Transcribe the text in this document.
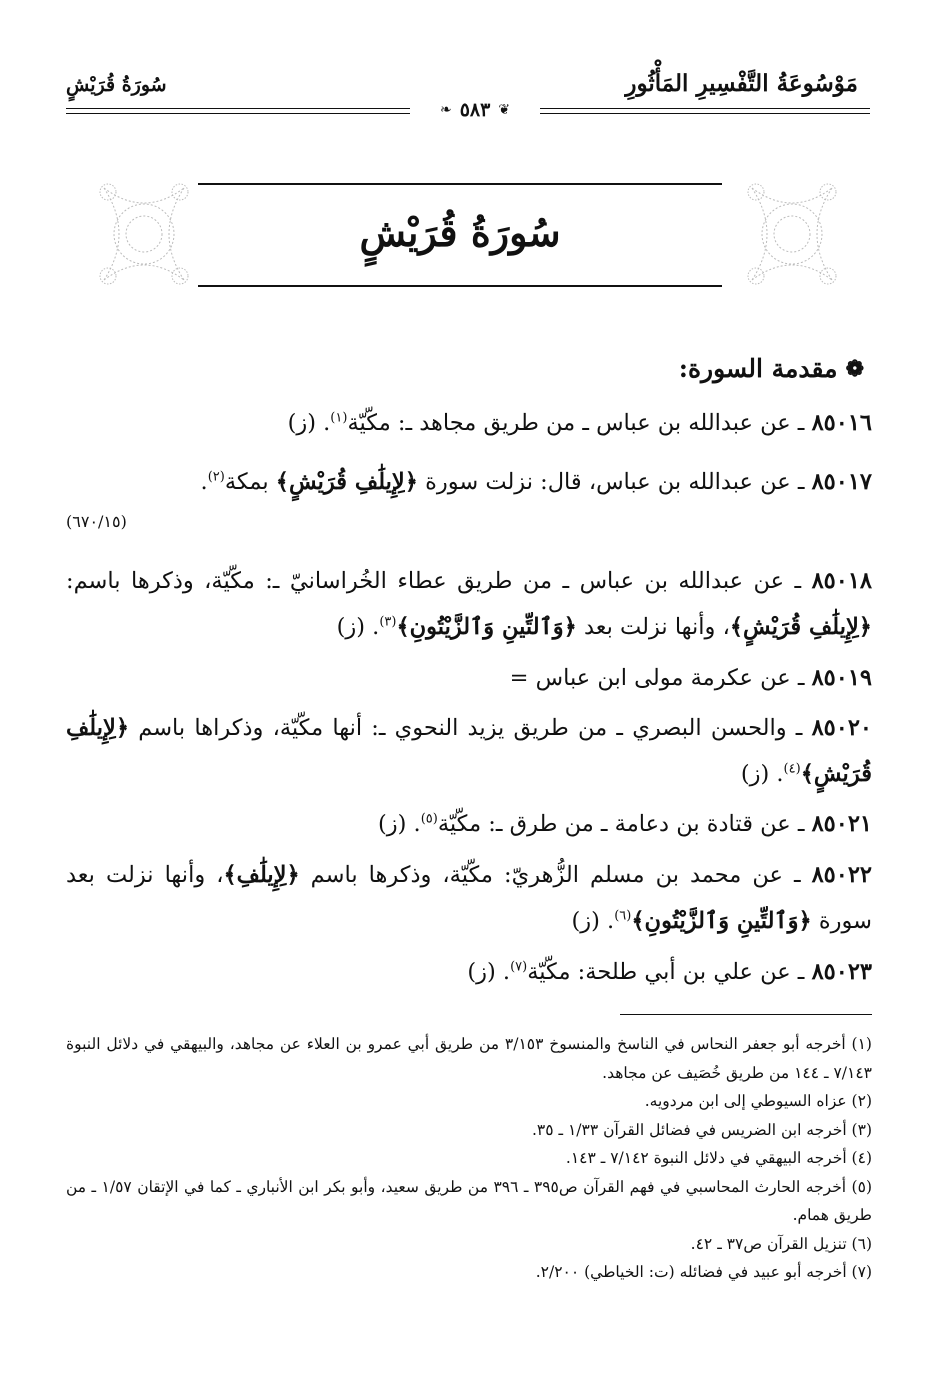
مَوْسُوعَةُ التَّفْسِيرِ المَأْثُورِ
سُورَةُ قُرَيْشٍ
❦
٥٨٣
❧
سُورَةُ قُرَيْشٍ
❁
مقدمة السورة:
٨٥٠١٦ ـ عن عبدالله بن عباس ـ من طريق مجاهد ـ: مكّيّة$^{(١)}$. (ز)
٨٥٠١٧ ـ عن عبدالله بن عباس، قال: نزلت سورة ﴿لِإِيلَٰفِ قُرَيْشٍ﴾ بمكة$^{(٢)}$.
(٦٧٠/١٥)
٨٥٠١٨ ـ عن عبدالله بن عباس ـ من طريق عطاء الخُراسانيّ ـ: مكّيّة، وذكرها باسم: ﴿لِإِيلَٰفِ قُرَيْشٍ﴾، وأنها نزلت بعد ﴿وَٱلتِّينِ وَٱلزَّيْتُونِ﴾$^{(٣)}$. (ز)
٨٥٠١٩ ـ عن عكرمة مولى ابن عباس =
٨٥٠٢٠ ـ والحسن البصري ـ من طريق يزيد النحوي ـ: أنها مكّيّة، وذكراها باسم ﴿لِإِيلَٰفِ قُرَيْشٍ﴾$^{(٤)}$. (ز)
٨٥٠٢١ ـ عن قتادة بن دعامة ـ من طرق ـ: مكّيّة$^{(٥)}$. (ز)
٨٥٠٢٢ ـ عن محمد بن مسلم الزُّهريّ: مكّيّة، وذكرها باسم ﴿لِإِيلَٰفِ﴾، وأنها نزلت بعد سورة ﴿وَٱلتِّينِ وَٱلزَّيْتُونِ﴾$^{(٦)}$. (ز)
٨٥٠٢٣ ـ عن علي بن أبي طلحة: مكّيّة$^{(٧)}$. (ز)

(١) أخرجه أبو جعفر النحاس في الناسخ والمنسوخ ٣/١٥٣ من طريق أبي عمرو بن العلاء عن مجاهد، والبيهقي في دلائل النبوة ٧/١٤٣ ـ ١٤٤ من طريق خُصَيف عن مجاهد.

(٢) عزاه السيوطي إلى ابن مردويه.

(٣) أخرجه ابن الضريس في فضائل القرآن ١/٣٣ ـ ٣٥.

(٤) أخرجه البيهقي في دلائل النبوة ٧/١٤٢ ـ ١٤٣.

(٥) أخرجه الحارث المحاسبي في فهم القرآن ص٣٩٥ ـ ٣٩٦ من طريق سعيد، وأبو بكر ابن الأنباري ـ كما في الإتقان ١/٥٧ ـ من طريق همام.

(٦) تنزيل القرآن ص٣٧ ـ ٤٢.

(٧) أخرجه أبو عبيد في فضائله (ت: الخياطي) ٢/٢٠٠.
